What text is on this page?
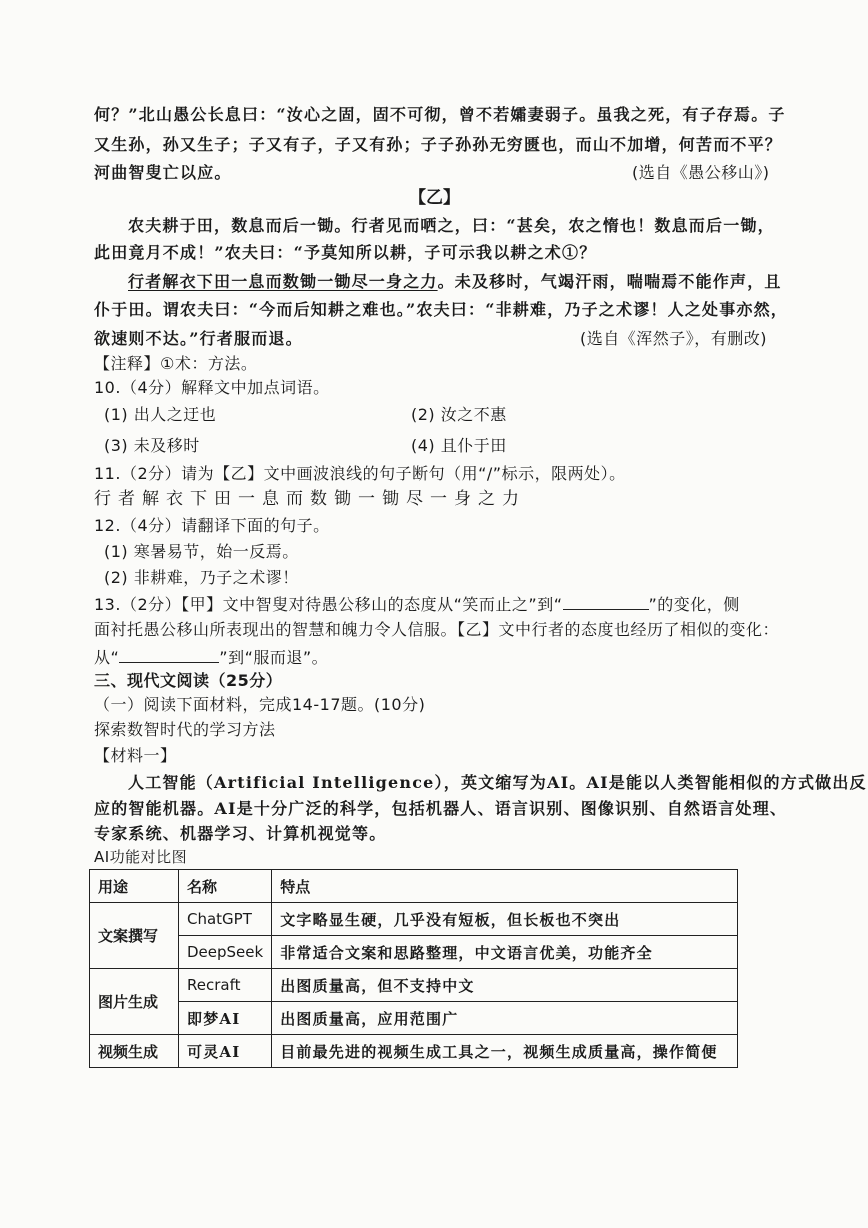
何？”北山愚公长息曰：“汝心之固，固不可彻，曾不若孀妻弱子。虽我之死，有子存焉。子
又生孙，孙又生子；子又有子，子又有孙；子子孙孙无穷匮也，而山不加增，何苦而不平？
河曲智叟亡以应。	(选自《愚公移山》)
【乙】
农夫耕于田，数息而后一锄。行者见而哂之，曰：“甚矣，农之惰也！数息而后一锄，
此田竟月不成！”农夫曰：“予莫知所以耕，子可示我以耕之术①？
行者解衣下田一息而数锄一锄尽一身之力。未及移时，气竭汗雨，喘喘焉不能作声，且
仆于田。谓农夫曰：“今而后知耕之难也。”农夫曰：“非耕难，乃子之术谬！人之处事亦然，
欲速则不达。”行者服而退。	(选自《浑然子》，有删改)
【注释】①术：方法。
10.（4分）解释文中加点词语。
(1) 出人之迂也	(2) 汝之不惠
(3) 未及移时	(4) 且仆于田
11.（2分）请为【乙】文中画波浪线的句子断句（用“/”标示，限两处）。
行者解衣下田一息而数锄一锄尽一身之力
12.（4分）请翻译下面的句子。
(1) 寒暑易节，始一反焉。
(2) 非耕难，乃子之术谬！
13.（2分）【甲】文中智叟对待愚公移山的态度从“笑而止之”到“	”的变化，侧
面衬托愚公移山所表现出的智慧和魄力令人信服。【乙】文中行者的态度也经历了相似的变化：
从“	”到“服而退”。
三、现代文阅读（25分）
（一）阅读下面材料，完成14-17题。(10分)
探索数智时代的学习方法
【材料一】
人工智能（Artificial Intelligence），英文缩写为AI。AI是能以人类智能相似的方式做出反
应的智能机器。AI是十分广泛的科学，包括机器人、语言识别、图像识别、自然语言处理、
专家系统、机器学习、计算机视觉等。
AI功能对比图
用途	名称	特点
文案撰写	ChatGPT	文字略显生硬，几乎没有短板，但长板也不突出
	DeepSeek	非常适合文案和思路整理，中文语言优美，功能齐全
图片生成	Recraft	出图质量高，但不支持中文
	即梦AI	出图质量高，应用范围广
视频生成	可灵AI	目前最先进的视频生成工具之一，视频生成质量高，操作简便
